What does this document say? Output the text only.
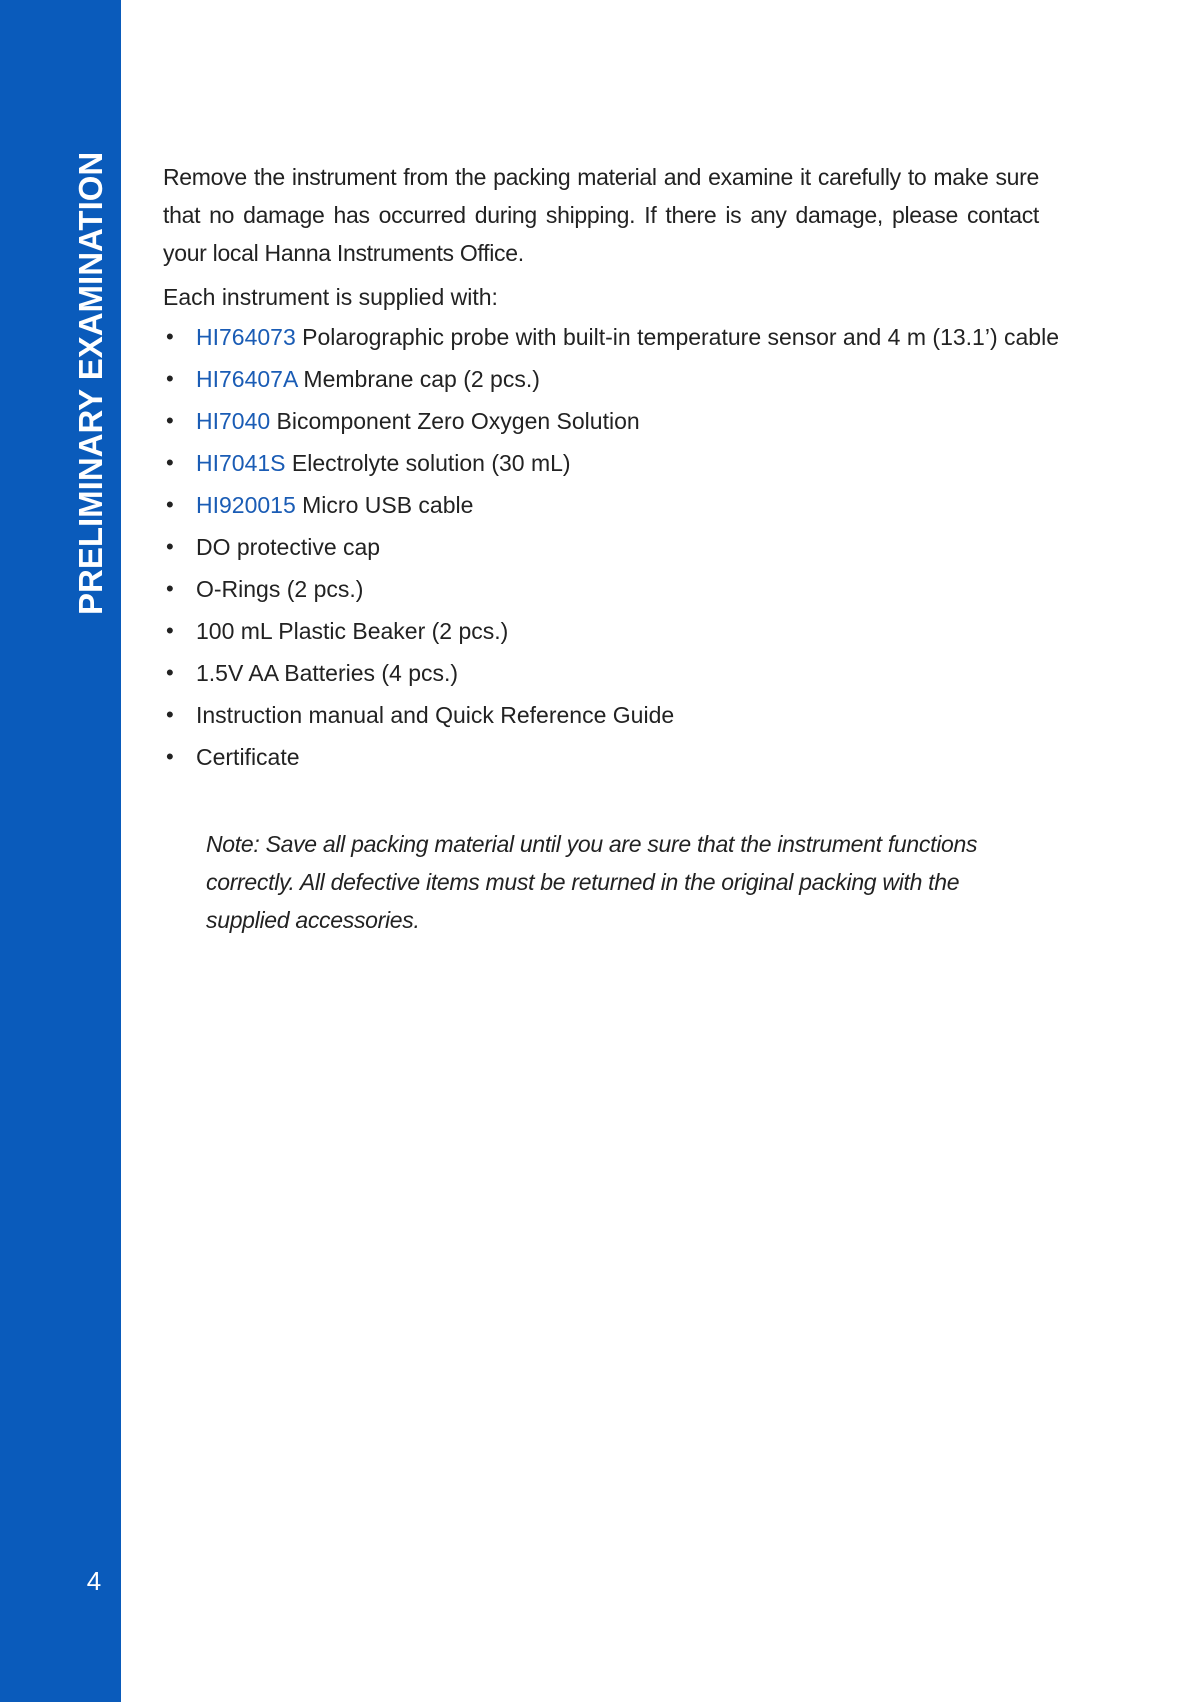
PRELIMINARY EXAMINATION
4

Remove the instrument from the packing material and examine it carefully to make sure that no damage has occurred during shipping. If there is any damage, please contact your local Hanna Instruments Office.

Each instrument is supplied with:

• HI764073 Polarographic probe with built-in temperature sensor and 4 m (13.1’) cable
• HI76407A Membrane cap (2 pcs.)
• HI7040 Bicomponent Zero Oxygen Solution
• HI7041S Electrolyte solution (30 mL)
• HI920015 Micro USB cable
• DO protective cap
• O-Rings (2 pcs.)
• 100 mL Plastic Beaker (2 pcs.)
• 1.5V AA Batteries (4 pcs.)
• Instruction manual and Quick Reference Guide
• Certificate
Note: Save all packing material until you are sure that the instrument functions correctly. All defective items must be returned in the original packing with the supplied accessories.
